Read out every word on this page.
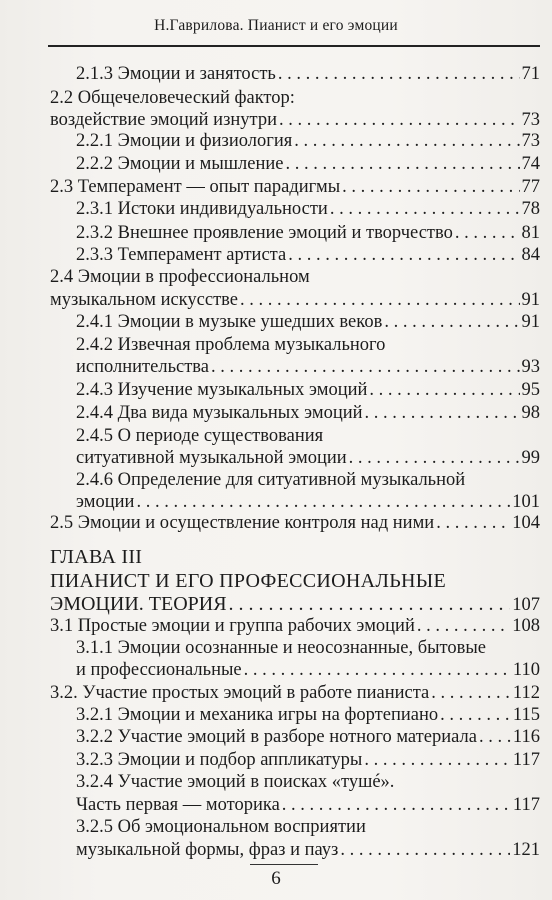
Н.Гаврилова. Пианист и его эмоции
2.1.3 Эмоции и занятость . . .	71
2.2 Общечеловеческий фактор:
воздействие эмоций изнутри . . .	73
2.2.1 Эмоции и физиология . . .	73
2.2.2 Эмоции и мышление . . .	74
2.3 Темперамент — опыт парадигмы . . .	77
2.3.1 Истоки индивидуальности . . .	78
2.3.2 Внешнее проявление эмоций и творчество . . .	81
2.3.3 Темперамент артиста . . .	84
2.4 Эмоции в профессиональном
музыкальном искусстве . . .	91
2.4.1 Эмоции в музыке ушедших веков . . .	91
2.4.2 Извечная проблема музыкального
исполнительства . . .	93
2.4.3 Изучение музыкальных эмоций . . .	95
2.4.4 Два вида музыкальных эмоций . . .	98
2.4.5 О периоде существования
ситуативной музыкальной эмоции . . .	99
2.4.6 Определение для ситуативной музыкальной
эмоции . . .	101
2.5 Эмоции и осуществление контроля над ними . . .	104
ГЛАВА III
ПИАНИСТ И ЕГО ПРОФЕССИОНАЛЬНЫЕ
ЭМОЦИИ. ТЕОРИЯ . . .	107
3.1 Простые эмоции и группа рабочих эмоций . . .	108
3.1.1 Эмоции осознанные и неосознанные, бытовые
и профессиональные . . .	110
3.2. Участие простых эмоций в работе пианиста . . .	112
3.2.1 Эмоции и механика игры на фортепиано . . .	115
3.2.2 Участие эмоций в разборе нотного материала . . . 116
3.2.3 Эмоции и подбор аппликатуры . . .	117
3.2.4 Участие эмоций в поисках «тушé».
Часть первая — моторика . . .	117
3.2.5 Об эмоциональном восприятии
музыкальной формы, фраз и пауз . . .	121
6
